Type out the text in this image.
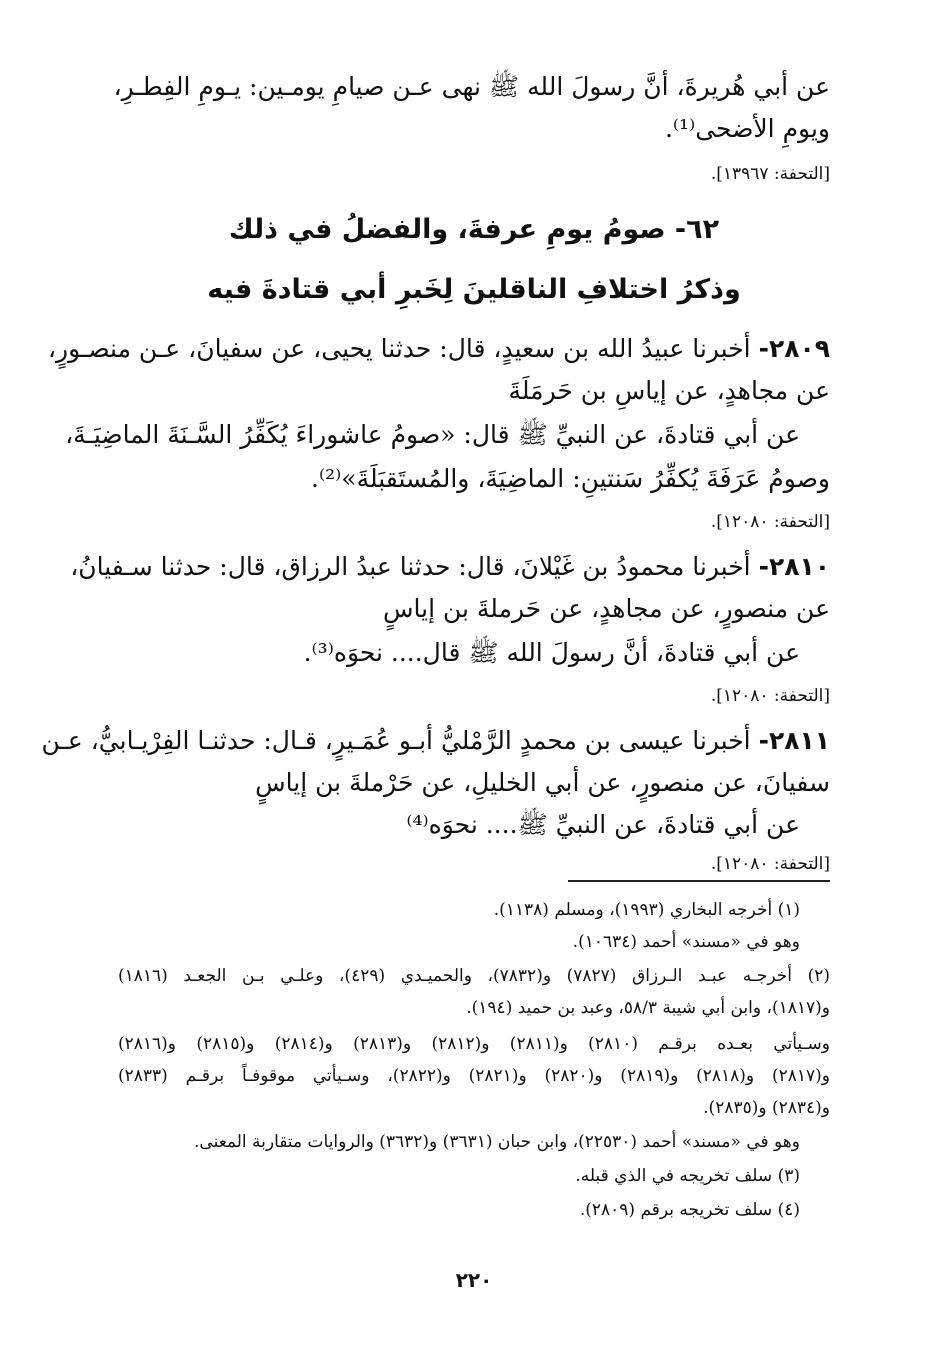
عن أبي هُريرةَ، أنَّ رسولَ الله ﷺ نهى عـن صيامِ يومـين: يـومِ الفِطـرِ،
ويومِ الأضحى⁽¹⁾.
[التحفة: ١٣٩٦٧].
٦٢- صومُ يومِ عرفةَ، والفضلُ في ذلك
وذكرُ اختلافِ الناقلينَ لِخَبرِ أبي قتادةَ فيه
٢٨٠٩- أخبرنا عبيدُ الله بن سعيدٍ، قال: حدثنا يحيى، عن سفيانَ، عـن منصـورٍ،
عن مجاهدٍ، عن إياسِ بن حَرمَلَةَ
عن أبي قتادةَ، عن النبيِّ ﷺ قال: «صومُ عاشوراءَ يُكَفِّرُ السَّـنَةَ الماضِيَـةَ،
وصومُ عَرَفَةَ يُكفِّرُ سَنتينِ: الماضِيَةَ، والمُستَقبَلَةَ»⁽²⁾.
[التحفة: ١٢٠٨٠].
٢٨١٠- أخبرنا محمودُ بن غَيْلانَ، قال: حدثنا عبدُ الرزاق، قال: حدثنا سـفيانُ،
عن منصورٍ، عن مجاهدٍ، عن حَرملةَ بن إياسٍ
عن أبي قتادةَ، أنَّ رسولَ الله ﷺ قال.... نحوَه⁽³⁾.
[التحفة: ١٢٠٨٠].
٢٨١١- أخبرنا عيسى بن محمدٍ الرَّمْليُّ أبـو عُمَـيرٍ، قـال: حدثنـا الفِرْيـابيُّ، عـن
سفيانَ، عن منصورٍ، عن أبي الخليلِ، عن حَرْملةَ بن إياسٍ
عن أبي قتادةَ، عن النبيِّ ﷺ.... نحوَه⁽⁴⁾
[التحفة: ١٢٠٨٠].
(١) أخرجه البخاري (١٩٩٣)، ومسلم (١١٣٨).
وهو في «مسند» أحمد (١٠٦٣٤).
(٢) أخرجـه عبـد الـرزاق (٧٨٢٧) و(٧٨٣٢)، والحميـدي (٤٢٩)، وعلـي بـن الجعـد (١٨١٦)
و(١٨١٧)، وابن أبي شيبة ٥٨/٣، وعبد بن حميد (١٩٤).
وسـيأتي بعـده برقـم (٢٨١٠) و(٢٨١١) و(٢٨١٢) و(٢٨١٣) و(٢٨١٤) و(٢٨١٥) و(٢٨١٦)
و(٢٨١٧) و(٢٨١٨) و(٢٨١٩) و(٢٨٢٠) و(٢٨٢١) و(٢٨٢٢)، وسـيأتي موقوفـاً برقـم (٢٨٣٣)
و(٢٨٣٤) و(٢٨٣٥).
وهو في «مسند» أحمد (٢٢٥٣٠)، وابن حبان (٣٦٣١) و(٣٦٣٢) والروايات متقاربة المعنى.
(٣) سلف تخريجه في الذي قبله.
(٤) سلف تخريجه برقم (٢٨٠٩).
٢٢٠
